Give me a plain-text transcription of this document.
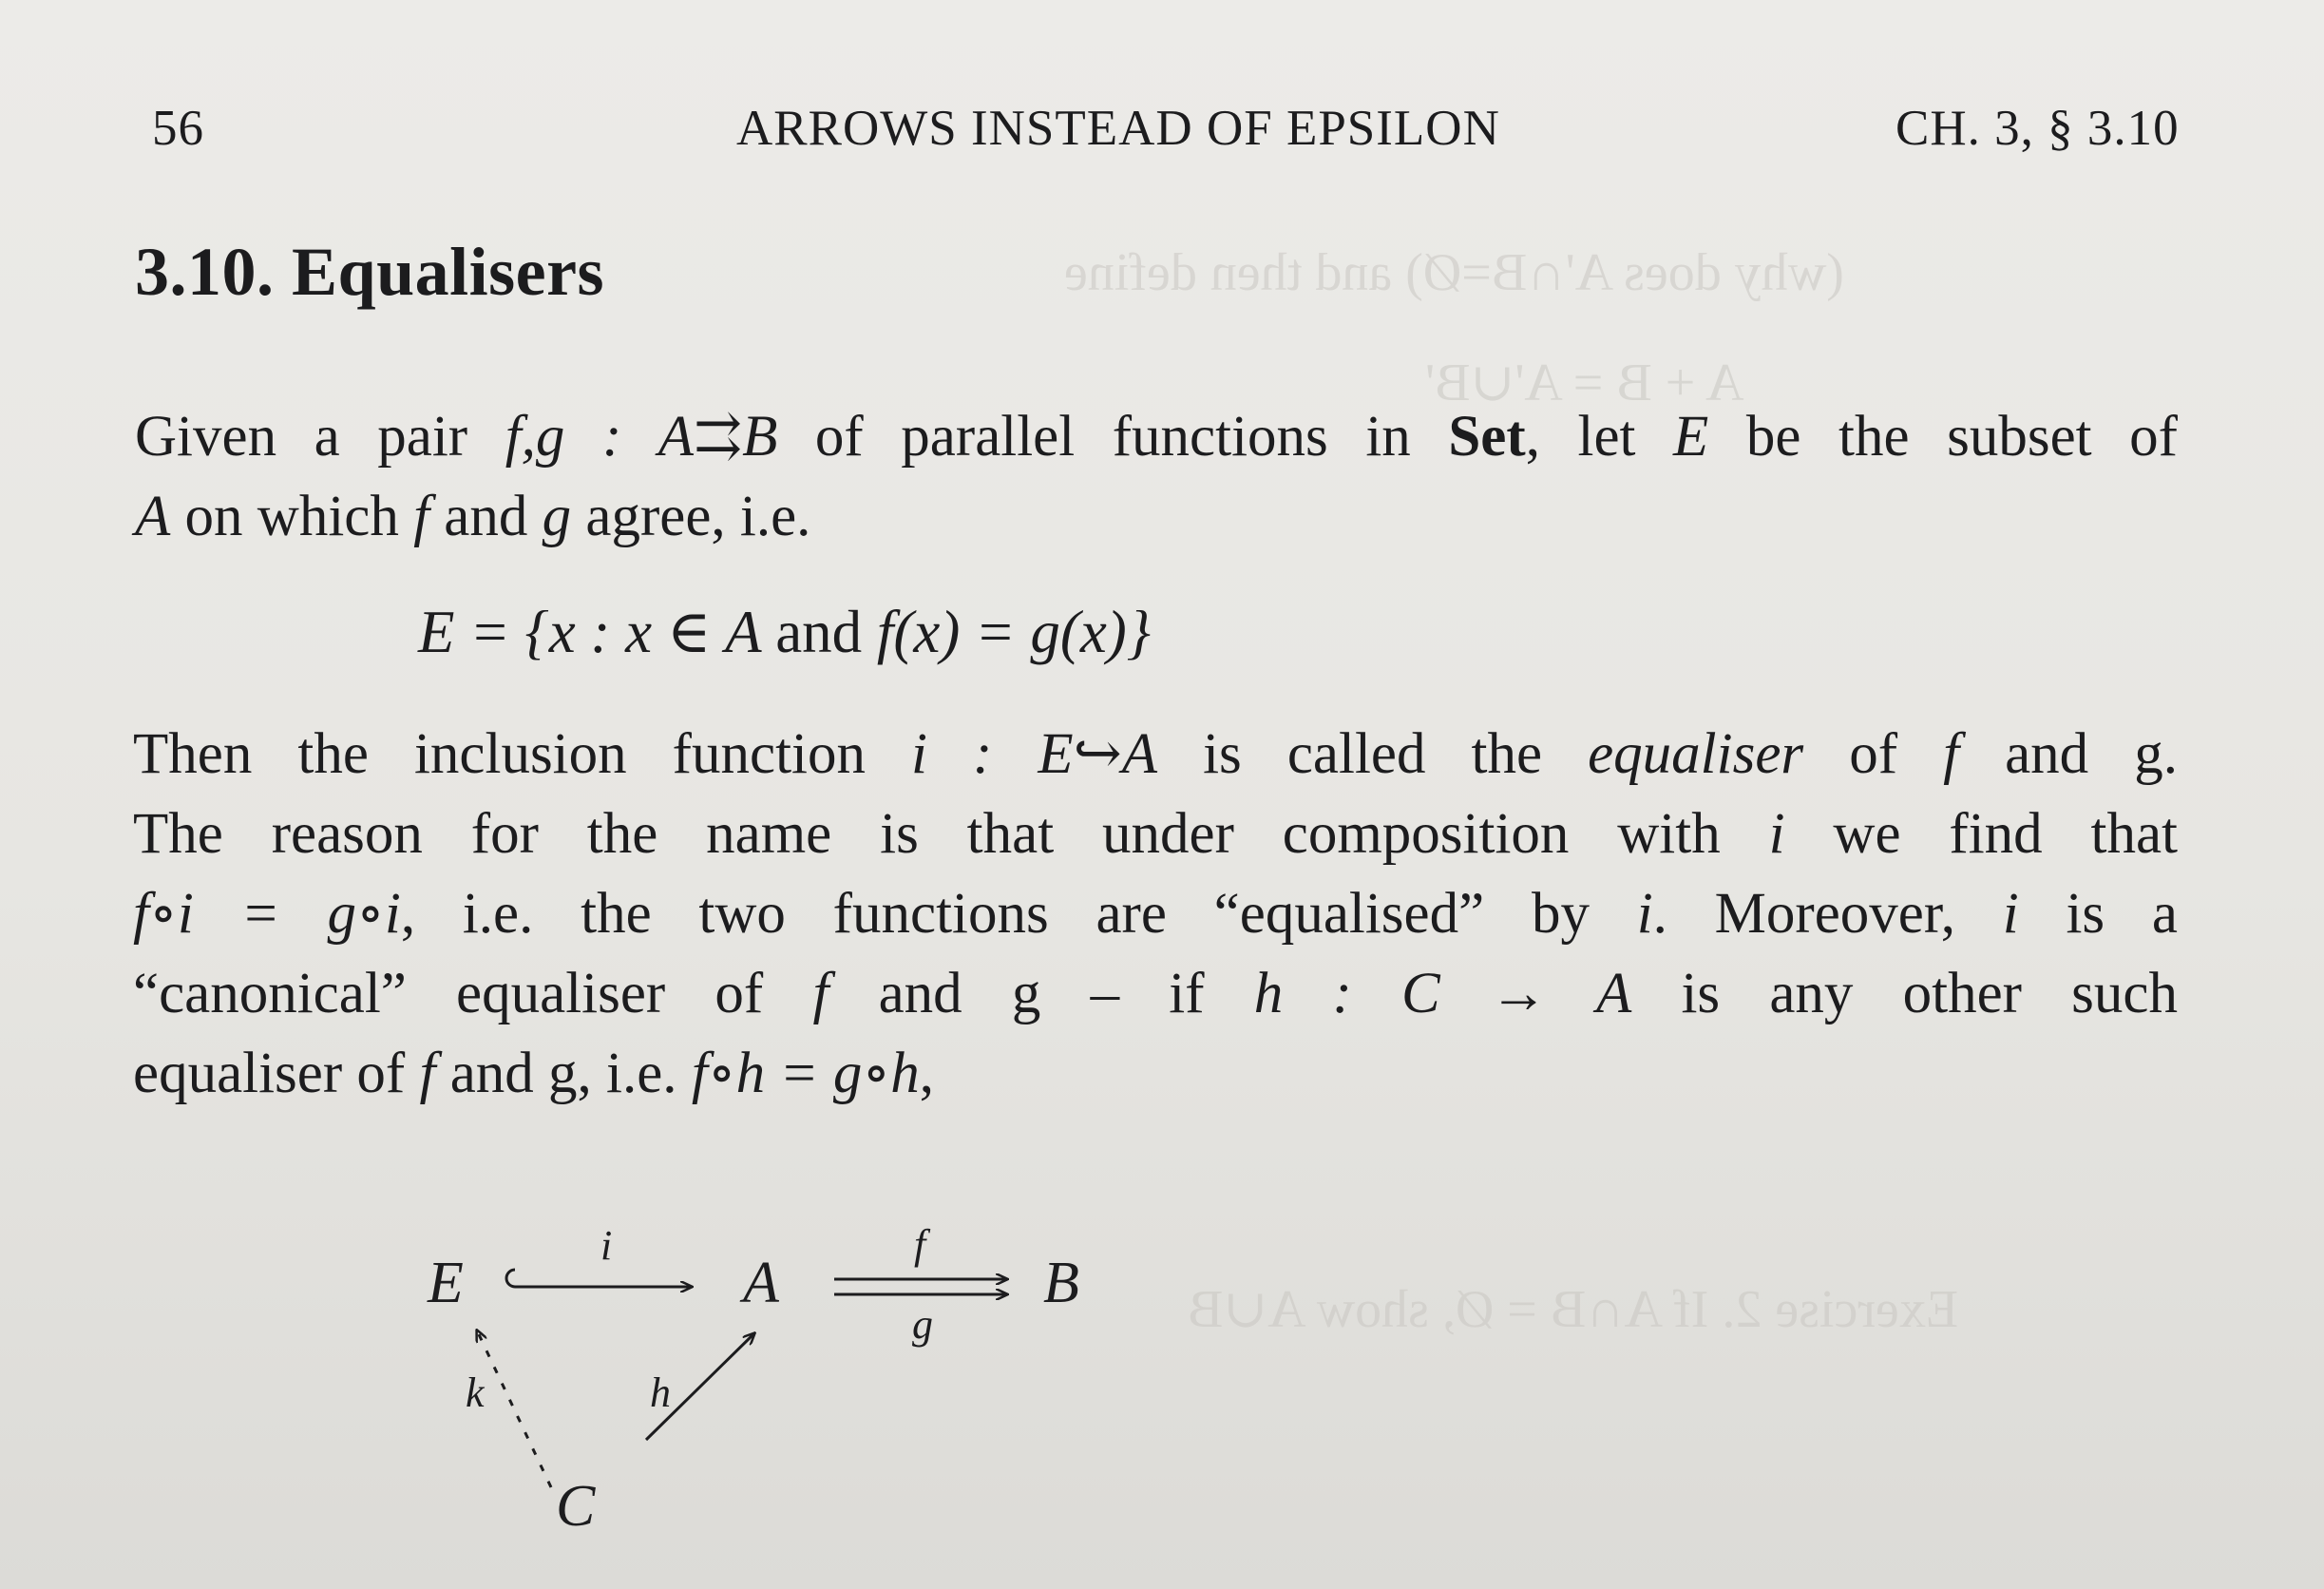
(why does A'∩B=Ø) and then define
A + B = A'∪B'
Exercise 2. If A∩B = Ø, show A∪B
56	ARROWS INSTEAD OF EPSILON	CH. 3, § 3.10
3.10. Equalisers
Given a pair f,g : A⇉B of parallel functions in Set, let E be the subset of
A on which f and g agree, i.e.
E = {x : x ∈ A and f(x) = g(x)}
Then the inclusion function i : E↪A is called the equaliser of f and g.
The reason for the name is that under composition with i we find that
f∘i = g∘i, i.e. the two functions are “equalised” by i. Moreover, i is a
“canonical” equaliser of f and g – if h : C → A is any other such
equaliser of f and g, i.e. f∘h = g∘h,
E	A	B
C
i	f
g
k	h
